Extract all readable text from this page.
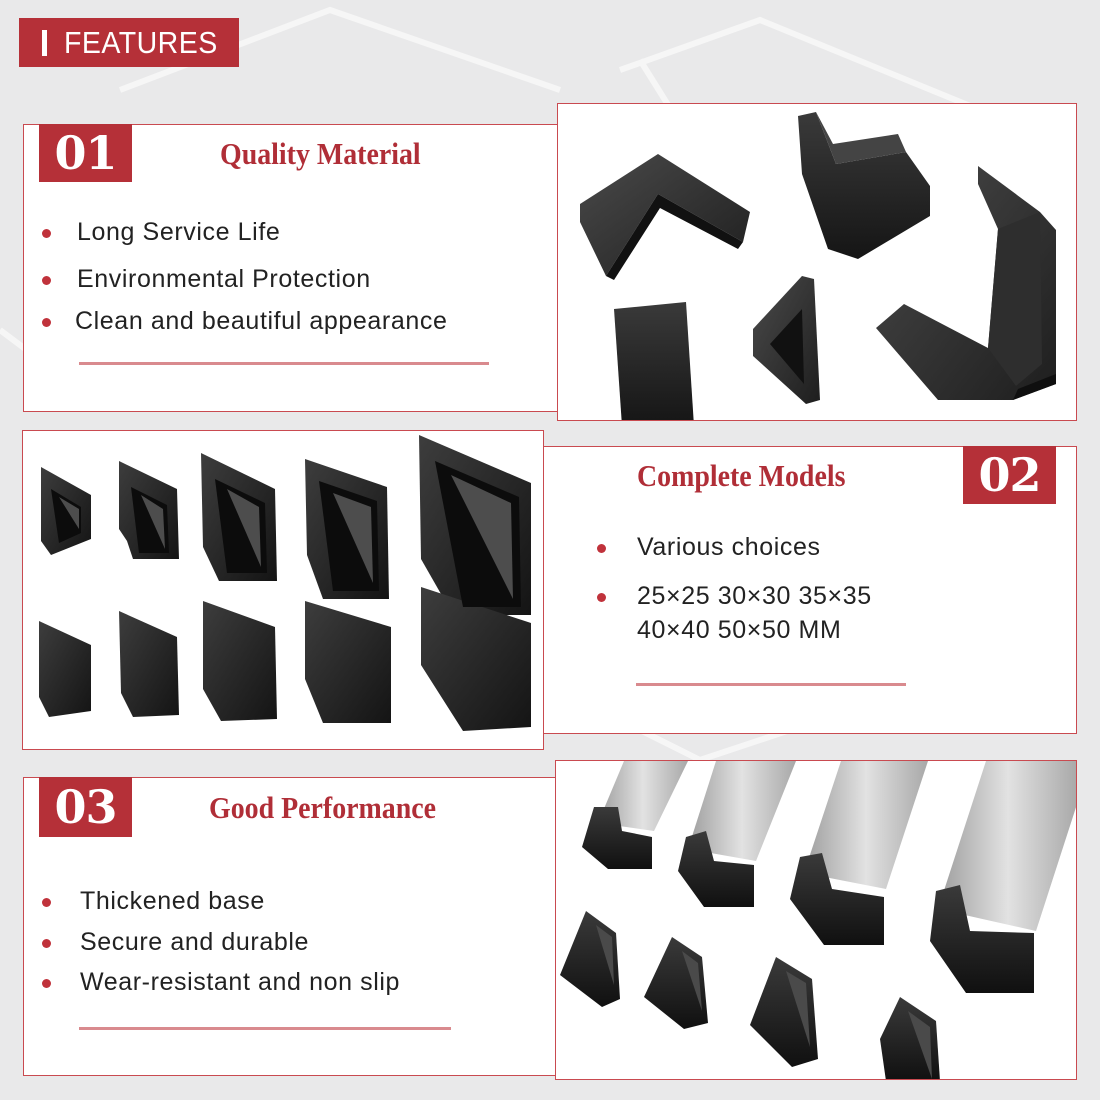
FEATURES
01	Quality Material
Long Service Life
Environmental Protection
Clean and beautiful appearance
02
Complete Models
Various choices
25×25 30×30 35×35
40×40 50×50 MM
03	Good Performance
Thickened base
Secure and durable
Wear-resistant and non slip
